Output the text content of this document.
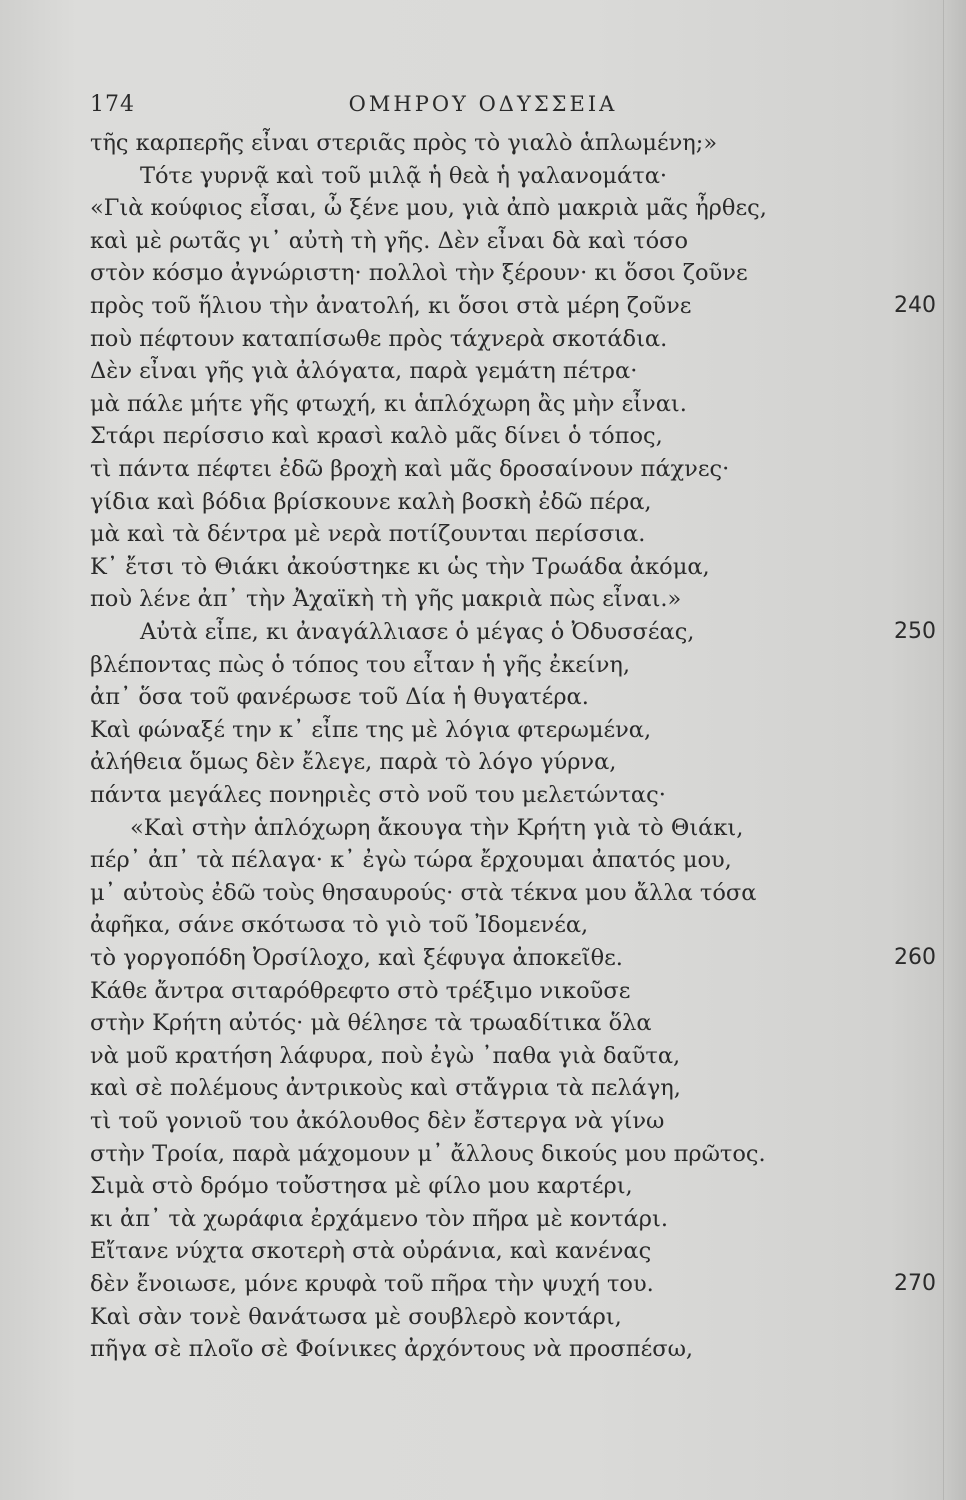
174	ΟΜΗΡΟΥ ΟΔΥΣΣΕΙΑ
τῆς καρπερῆς εἶναι στεριᾶς πρὸς τὸ γιαλὸ ἁπλωμένη;»
Τότε γυρνᾷ καὶ τοῦ μιλᾷ ἡ θεὰ ἡ γαλανομάτα·
«Γιὰ κούφιος εἶσαι, ὦ ξένε μου, γιὰ ἀπὸ μακριὰ μᾶς ἦρθες,
καὶ μὲ ρωτᾶς γι᾿ αὐτὴ τὴ γῆς. Δὲν εἶναι δὰ καὶ τόσο
στὸν κόσμο ἀγνώριστη· πολλοὶ τὴν ξέρουν· κι ὅσοι ζοῦνε
πρὸς τοῦ ἥλιου τὴν ἀνατολή, κι ὅσοι στὰ μέρη ζοῦνε	240
ποὺ πέφτουν καταπίσωθε πρὸς τάχνερὰ σκοτάδια.
Δὲν εἶναι γῆς γιὰ ἀλόγατα, παρὰ γεμάτη πέτρα·
μὰ πάλε μήτε γῆς φτωχή, κι ἁπλόχωρη ἂς μὴν εἶναι.
Στάρι περίσσιο καὶ κρασὶ καλὸ μᾶς δίνει ὁ τόπος,
τὶ πάντα πέφτει ἐδῶ βροχὴ καὶ μᾶς δροσαίνουν πάχνες·
γίδια καὶ βόδια βρίσκουνε καλὴ βοσκὴ ἐδῶ πέρα,
μὰ καὶ τὰ δέντρα μὲ νερὰ ποτίζουνται περίσσια.
Κ᾿ ἔτσι τὸ Θιάκι ἀκούστηκε κι ὡς τὴν Τρωάδα ἀκόμα,
ποὺ λένε ἀπ᾿ τὴν Ἀχαϊκὴ τὴ γῆς μακριὰ πὼς εἶναι.»
Αὐτὰ εἶπε, κι ἀναγάλλιασε ὁ μέγας ὁ Ὀδυσσέας,	250
βλέποντας πὼς ὁ τόπος του εἶταν ἡ γῆς ἐκείνη,
ἀπ᾿ ὅσα τοῦ φανέρωσε τοῦ Δία ἡ θυγατέρα.
Καὶ φώναξέ την κ᾿ εἶπε της μὲ λόγια φτερωμένα,
ἀλήθεια ὅμως δὲν ἔλεγε, παρὰ τὸ λόγο γύρνα,
πάντα μεγάλες πονηριὲς στὸ νοῦ του μελετώντας·
«Καὶ στὴν ἁπλόχωρη ἄκουγα τὴν Κρήτη γιὰ τὸ Θιάκι,
πέρ᾿ ἀπ᾿ τὰ πέλαγα· κ᾿ ἐγὼ τώρα ἔρχουμαι ἀπατός μου,
μ᾿ αὐτοὺς ἐδῶ τοὺς θησαυρούς· στὰ τέκνα μου ἄλλα τόσα
ἀφῆκα, σάνε σκότωσα τὸ γιὸ τοῦ Ἰδομενέα,
τὸ γοργοπόδη Ὀρσίλοχο, καὶ ξέφυγα ἀποκεῖθε.	260
Κάθε ἄντρα σιταρόθρεφτο στὸ τρέξιμο νικοῦσε
στὴν Κρήτη αὐτός· μὰ θέλησε τὰ τρωαδίτικα ὅλα
νὰ μοῦ κρατήση λάφυρα, ποὺ ἐγὼ ᾿παθα γιὰ δαῦτα,
καὶ σὲ πολέμους ἀντρικοὺς καὶ στἄγρια τὰ πελάγη,
τὶ τοῦ γονιοῦ του ἀκόλουθος δὲν ἔστεργα νὰ γίνω
στὴν Τροία, παρὰ μάχομουν μ᾿ ἄλλους δικούς μου πρῶτος.
Σιμὰ στὸ δρόμο τοὔστησα μὲ φίλο μου καρτέρι,
κι ἀπ᾿ τὰ χωράφια ἐρχάμενο τὸν πῆρα μὲ κοντάρι.
Εἴτανε νύχτα σκοτερὴ στὰ οὐράνια, καὶ κανένας
δὲν ἔνοιωσε, μόνε κρυφὰ τοῦ πῆρα τὴν ψυχή του.	270
Καὶ σὰν τονὲ θανάτωσα μὲ σουβλερὸ κοντάρι,
πῆγα σὲ πλοῖο σὲ Φοίνικες ἀρχόντους νὰ προσπέσω,
